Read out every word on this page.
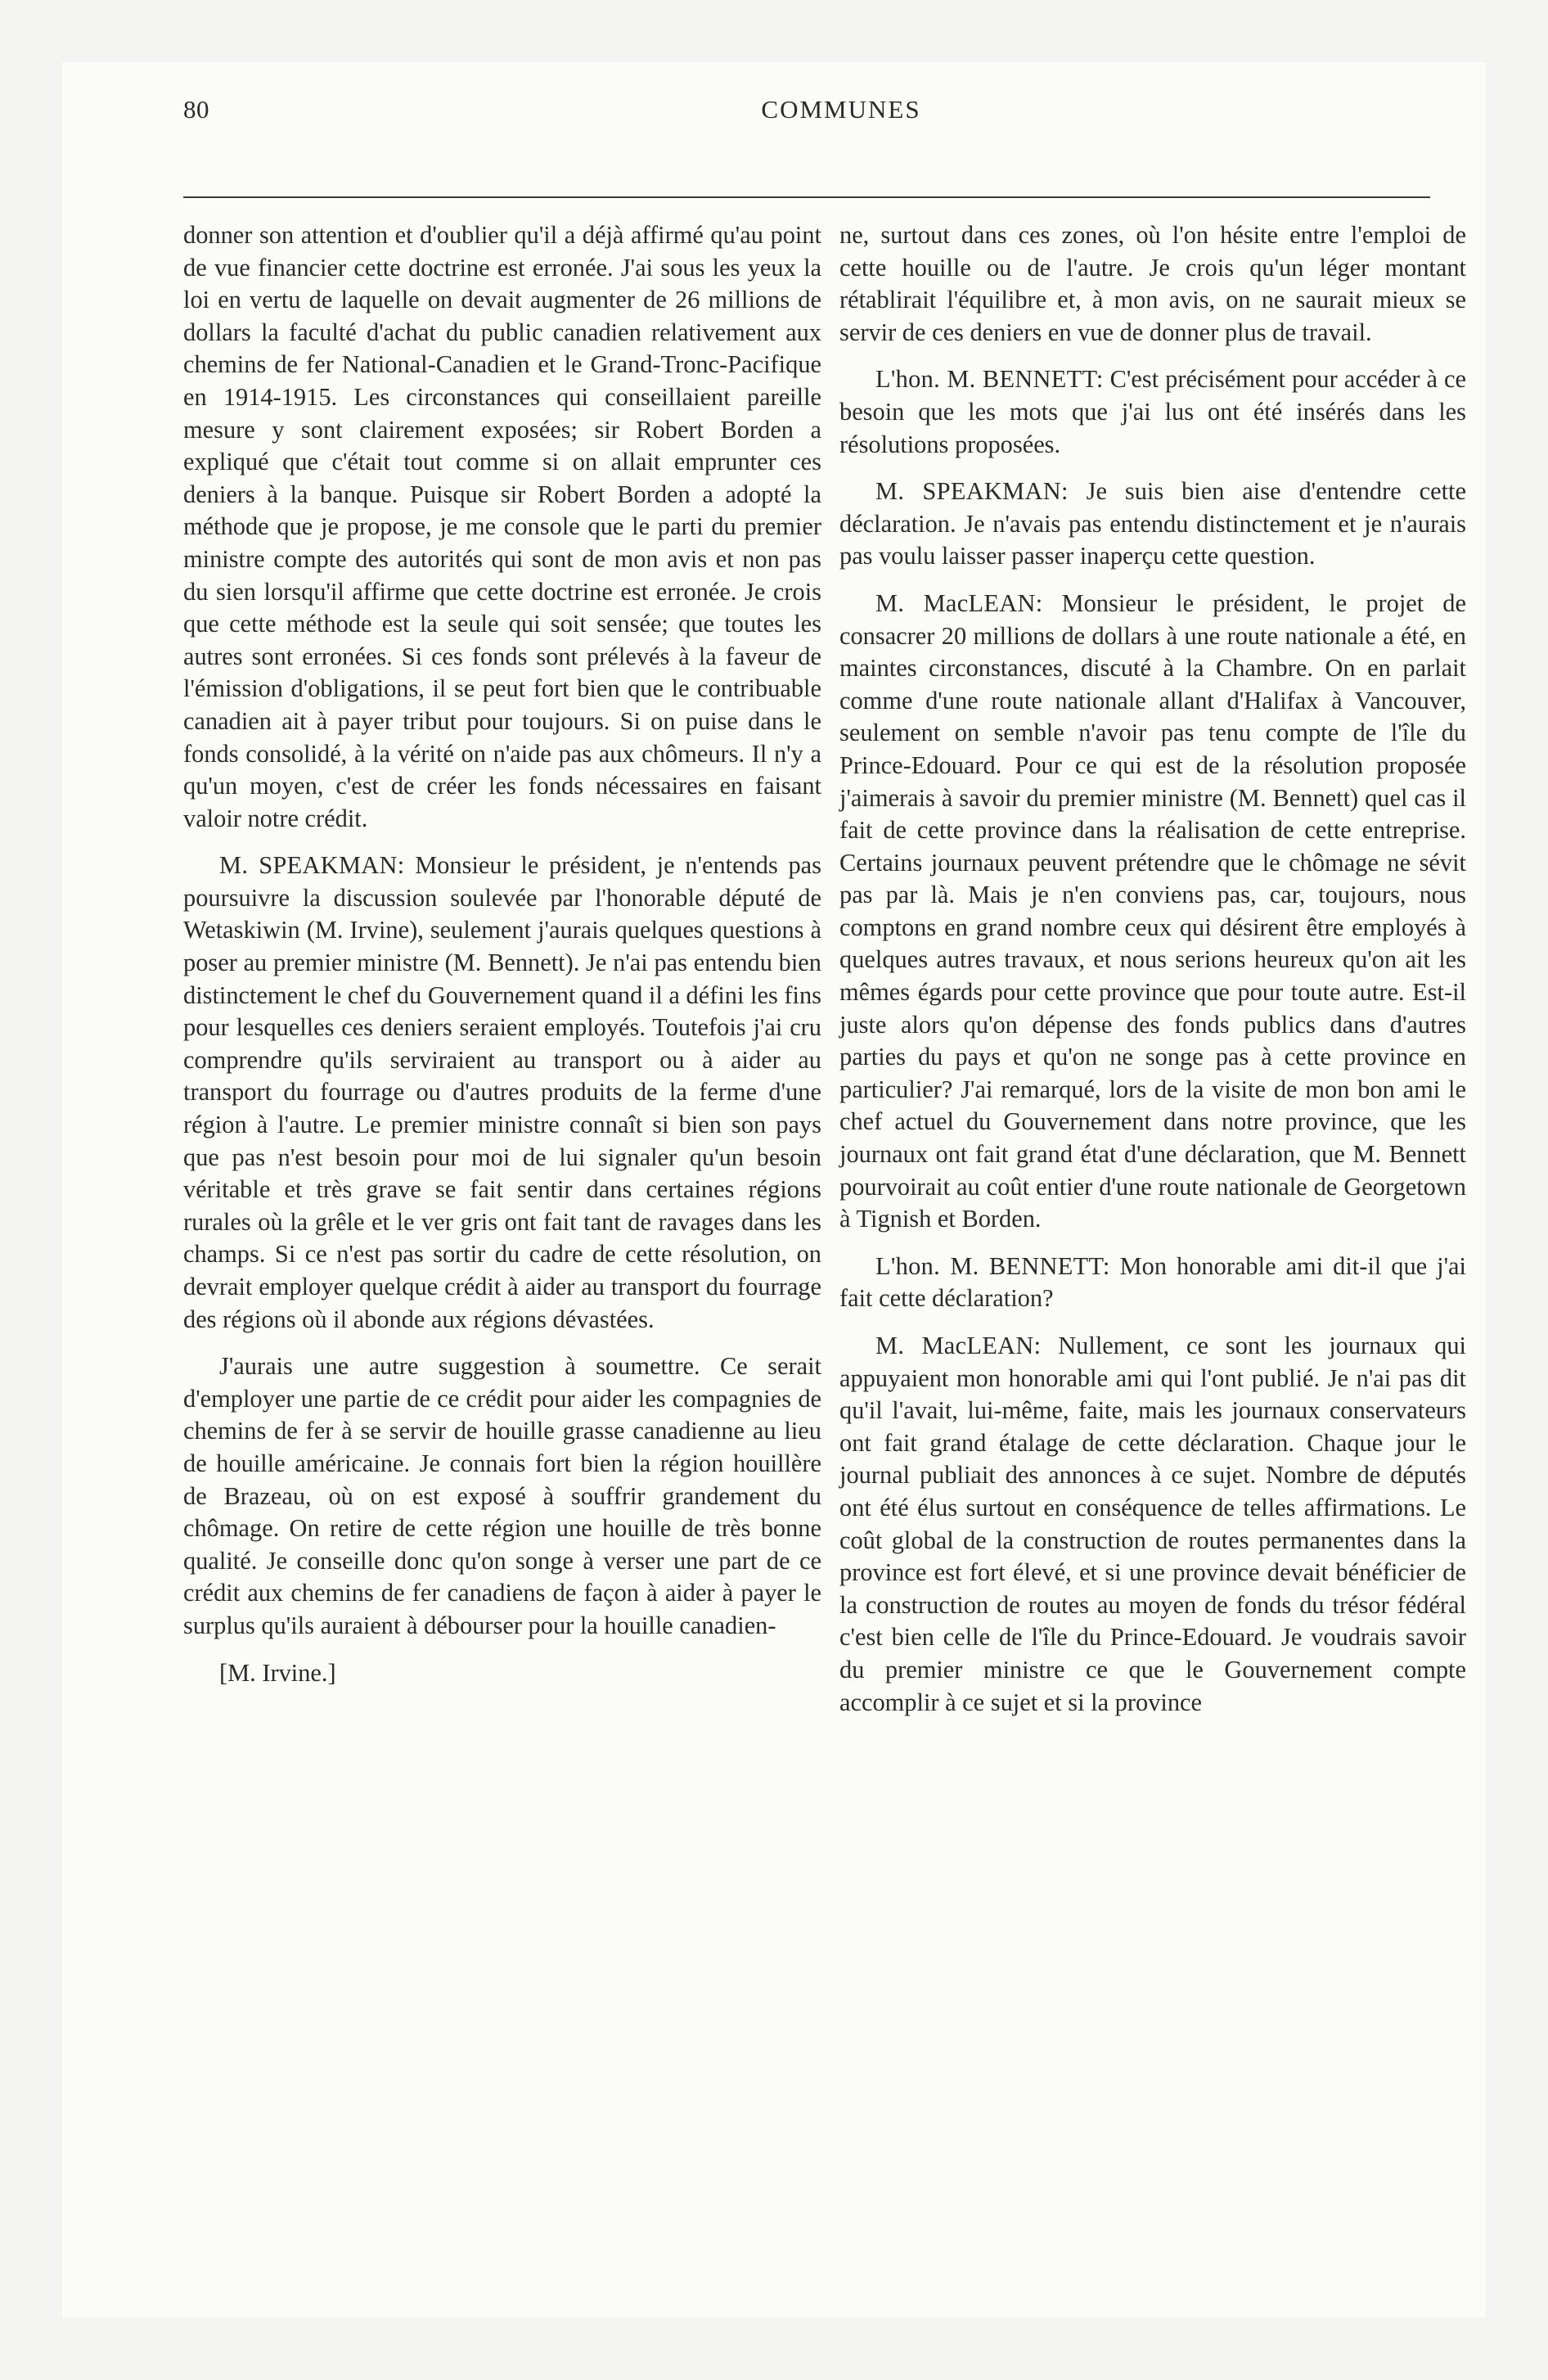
80	COMMUNES

donner son attention et d'oublier qu'il a déjà affirmé qu'au point de vue financier cette doctrine est erronée. J'ai sous les yeux la loi en vertu de laquelle on devait augmenter de 26 millions de dollars la faculté d'achat du public canadien relativement aux chemins de fer National-Canadien et le Grand-Tronc-Pacifique en 1914-1915. Les circonstances qui conseillaient pareille mesure y sont clairement exposées; sir Robert Borden a expliqué que c'était tout comme si on allait emprunter ces deniers à la banque. Puisque sir Robert Borden a adopté la méthode que je propose, je me console que le parti du premier ministre compte des autorités qui sont de mon avis et non pas du sien lorsqu'il affirme que cette doctrine est erronée. Je crois que cette méthode est la seule qui soit sensée; que toutes les autres sont erronées. Si ces fonds sont prélevés à la faveur de l'émission d'obligations, il se peut fort bien que le contribuable canadien ait à payer tribut pour toujours. Si on puise dans le fonds consolidé, à la vérité on n'aide pas aux chômeurs. Il n'y a qu'un moyen, c'est de créer les fonds nécessaires en faisant valoir notre crédit.

M. SPEAKMAN: Monsieur le président, je n'entends pas poursuivre la discussion soulevée par l'honorable député de Wetaskiwin (M. Irvine), seulement j'aurais quelques questions à poser au premier ministre (M. Bennett). Je n'ai pas entendu bien distinctement le chef du Gouvernement quand il a défini les fins pour lesquelles ces deniers seraient employés. Toutefois j'ai cru comprendre qu'ils serviraient au transport ou à aider au transport du fourrage ou d'autres produits de la ferme d'une région à l'autre. Le premier ministre connaît si bien son pays que pas n'est besoin pour moi de lui signaler qu'un besoin véritable et très grave se fait sentir dans certaines régions rurales où la grêle et le ver gris ont fait tant de ravages dans les champs. Si ce n'est pas sortir du cadre de cette résolution, on devrait employer quelque crédit à aider au transport du fourrage des régions où il abonde aux régions dévastées.

J'aurais une autre suggestion à soumettre. Ce serait d'employer une partie de ce crédit pour aider les compagnies de chemins de fer à se servir de houille grasse canadienne au lieu de houille américaine. Je connais fort bien la région houillère de Brazeau, où on est exposé à souffrir grandement du chômage. On retire de cette région une houille de très bonne qualité. Je conseille donc qu'on songe à verser une part de ce crédit aux chemins de fer canadiens de façon à aider à payer le surplus qu'ils auraient à débourser pour la houille canadien-

[M. Irvine.]

ne, surtout dans ces zones, où l'on hésite entre l'emploi de cette houille ou de l'autre. Je crois qu'un léger montant rétablirait l'équilibre et, à mon avis, on ne saurait mieux se servir de ces deniers en vue de donner plus de travail.

L'hon. M. BENNETT: C'est précisément pour accéder à ce besoin que les mots que j'ai lus ont été insérés dans les résolutions proposées.

M. SPEAKMAN: Je suis bien aise d'entendre cette déclaration. Je n'avais pas entendu distinctement et je n'aurais pas voulu laisser passer inaperçu cette question.

M. MacLEAN: Monsieur le président, le projet de consacrer 20 millions de dollars à une route nationale a été, en maintes circonstances, discuté à la Chambre. On en parlait comme d'une route nationale allant d'Halifax à Vancouver, seulement on semble n'avoir pas tenu compte de l'île du Prince-Edouard. Pour ce qui est de la résolution proposée j'aimerais à savoir du premier ministre (M. Bennett) quel cas il fait de cette province dans la réalisation de cette entreprise. Certains journaux peuvent prétendre que le chômage ne sévit pas par là. Mais je n'en conviens pas, car, toujours, nous comptons en grand nombre ceux qui désirent être employés à quelques autres travaux, et nous serions heureux qu'on ait les mêmes égards pour cette province que pour toute autre. Est-il juste alors qu'on dépense des fonds publics dans d'autres parties du pays et qu'on ne songe pas à cette province en particulier? J'ai remarqué, lors de la visite de mon bon ami le chef actuel du Gouvernement dans notre province, que les journaux ont fait grand état d'une déclaration, que M. Bennett pourvoirait au coût entier d'une route nationale de Georgetown à Tignish et Borden.

L'hon. M. BENNETT: Mon honorable ami dit-il que j'ai fait cette déclaration?

M. MacLEAN: Nullement, ce sont les journaux qui appuyaient mon honorable ami qui l'ont publié. Je n'ai pas dit qu'il l'avait, lui-même, faite, mais les journaux conservateurs ont fait grand étalage de cette déclaration. Chaque jour le journal publiait des annonces à ce sujet. Nombre de députés ont été élus surtout en conséquence de telles affirmations. Le coût global de la construction de routes permanentes dans la province est fort élevé, et si une province devait bénéficier de la construction de routes au moyen de fonds du trésor fédéral c'est bien celle de l'île du Prince-Edouard. Je voudrais savoir du premier ministre ce que le Gouvernement compte accomplir à ce sujet et si la province
